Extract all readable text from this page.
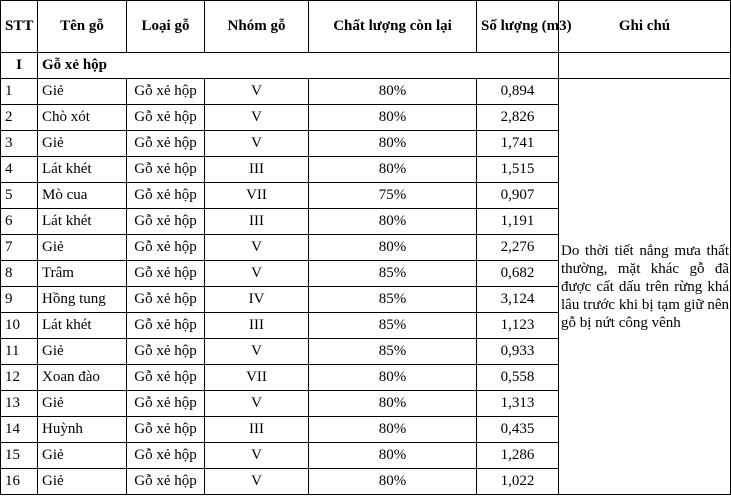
STT	Tên gỗ	Loại gỗ	Nhóm gỗ	Chất lượng còn lại	Số lượng (m3)	Ghi chú
I	Gỗ xẻ hộp					
1	Giẻ	Gỗ xẻ hộp	V	80%	0,894	Do thời tiết nắng mưa thất thường, mặt khác gỗ đã được cất dấu trên rừng khá lâu trước khi bị tạm giữ nên gỗ bị nứt công vênh
2	Chò xót	Gỗ xẻ hộp	V	80%	2,826	
3	Giẻ	Gỗ xẻ hộp	V	80%	1,741	
4	Lát khét	Gỗ xẻ hộp	III	80%	1,515	
5	Mò cua	Gỗ xẻ hộp	VII	75%	0,907	
6	Lát khét	Gỗ xẻ hộp	III	80%	1,191	
7	Giẻ	Gỗ xẻ hộp	V	80%	2,276	
8	Trâm	Gỗ xẻ hộp	V	85%	0,682	
9	Hồng tung	Gỗ xẻ hộp	IV	85%	3,124	
10	Lát khét	Gỗ xẻ hộp	III	85%	1,123	
11	Giẻ	Gỗ xẻ hộp	V	85%	0,933	
12	Xoan đào	Gỗ xẻ hộp	VII	80%	0,558	
13	Giẻ	Gỗ xẻ hộp	V	80%	1,313	
14	Huỳnh	Gỗ xẻ hộp	III	80%	0,435	
15	Giẻ	Gỗ xẻ hộp	V	80%	1,286	
16	Giẻ	Gỗ xẻ hộp	V	80%	1,022	
